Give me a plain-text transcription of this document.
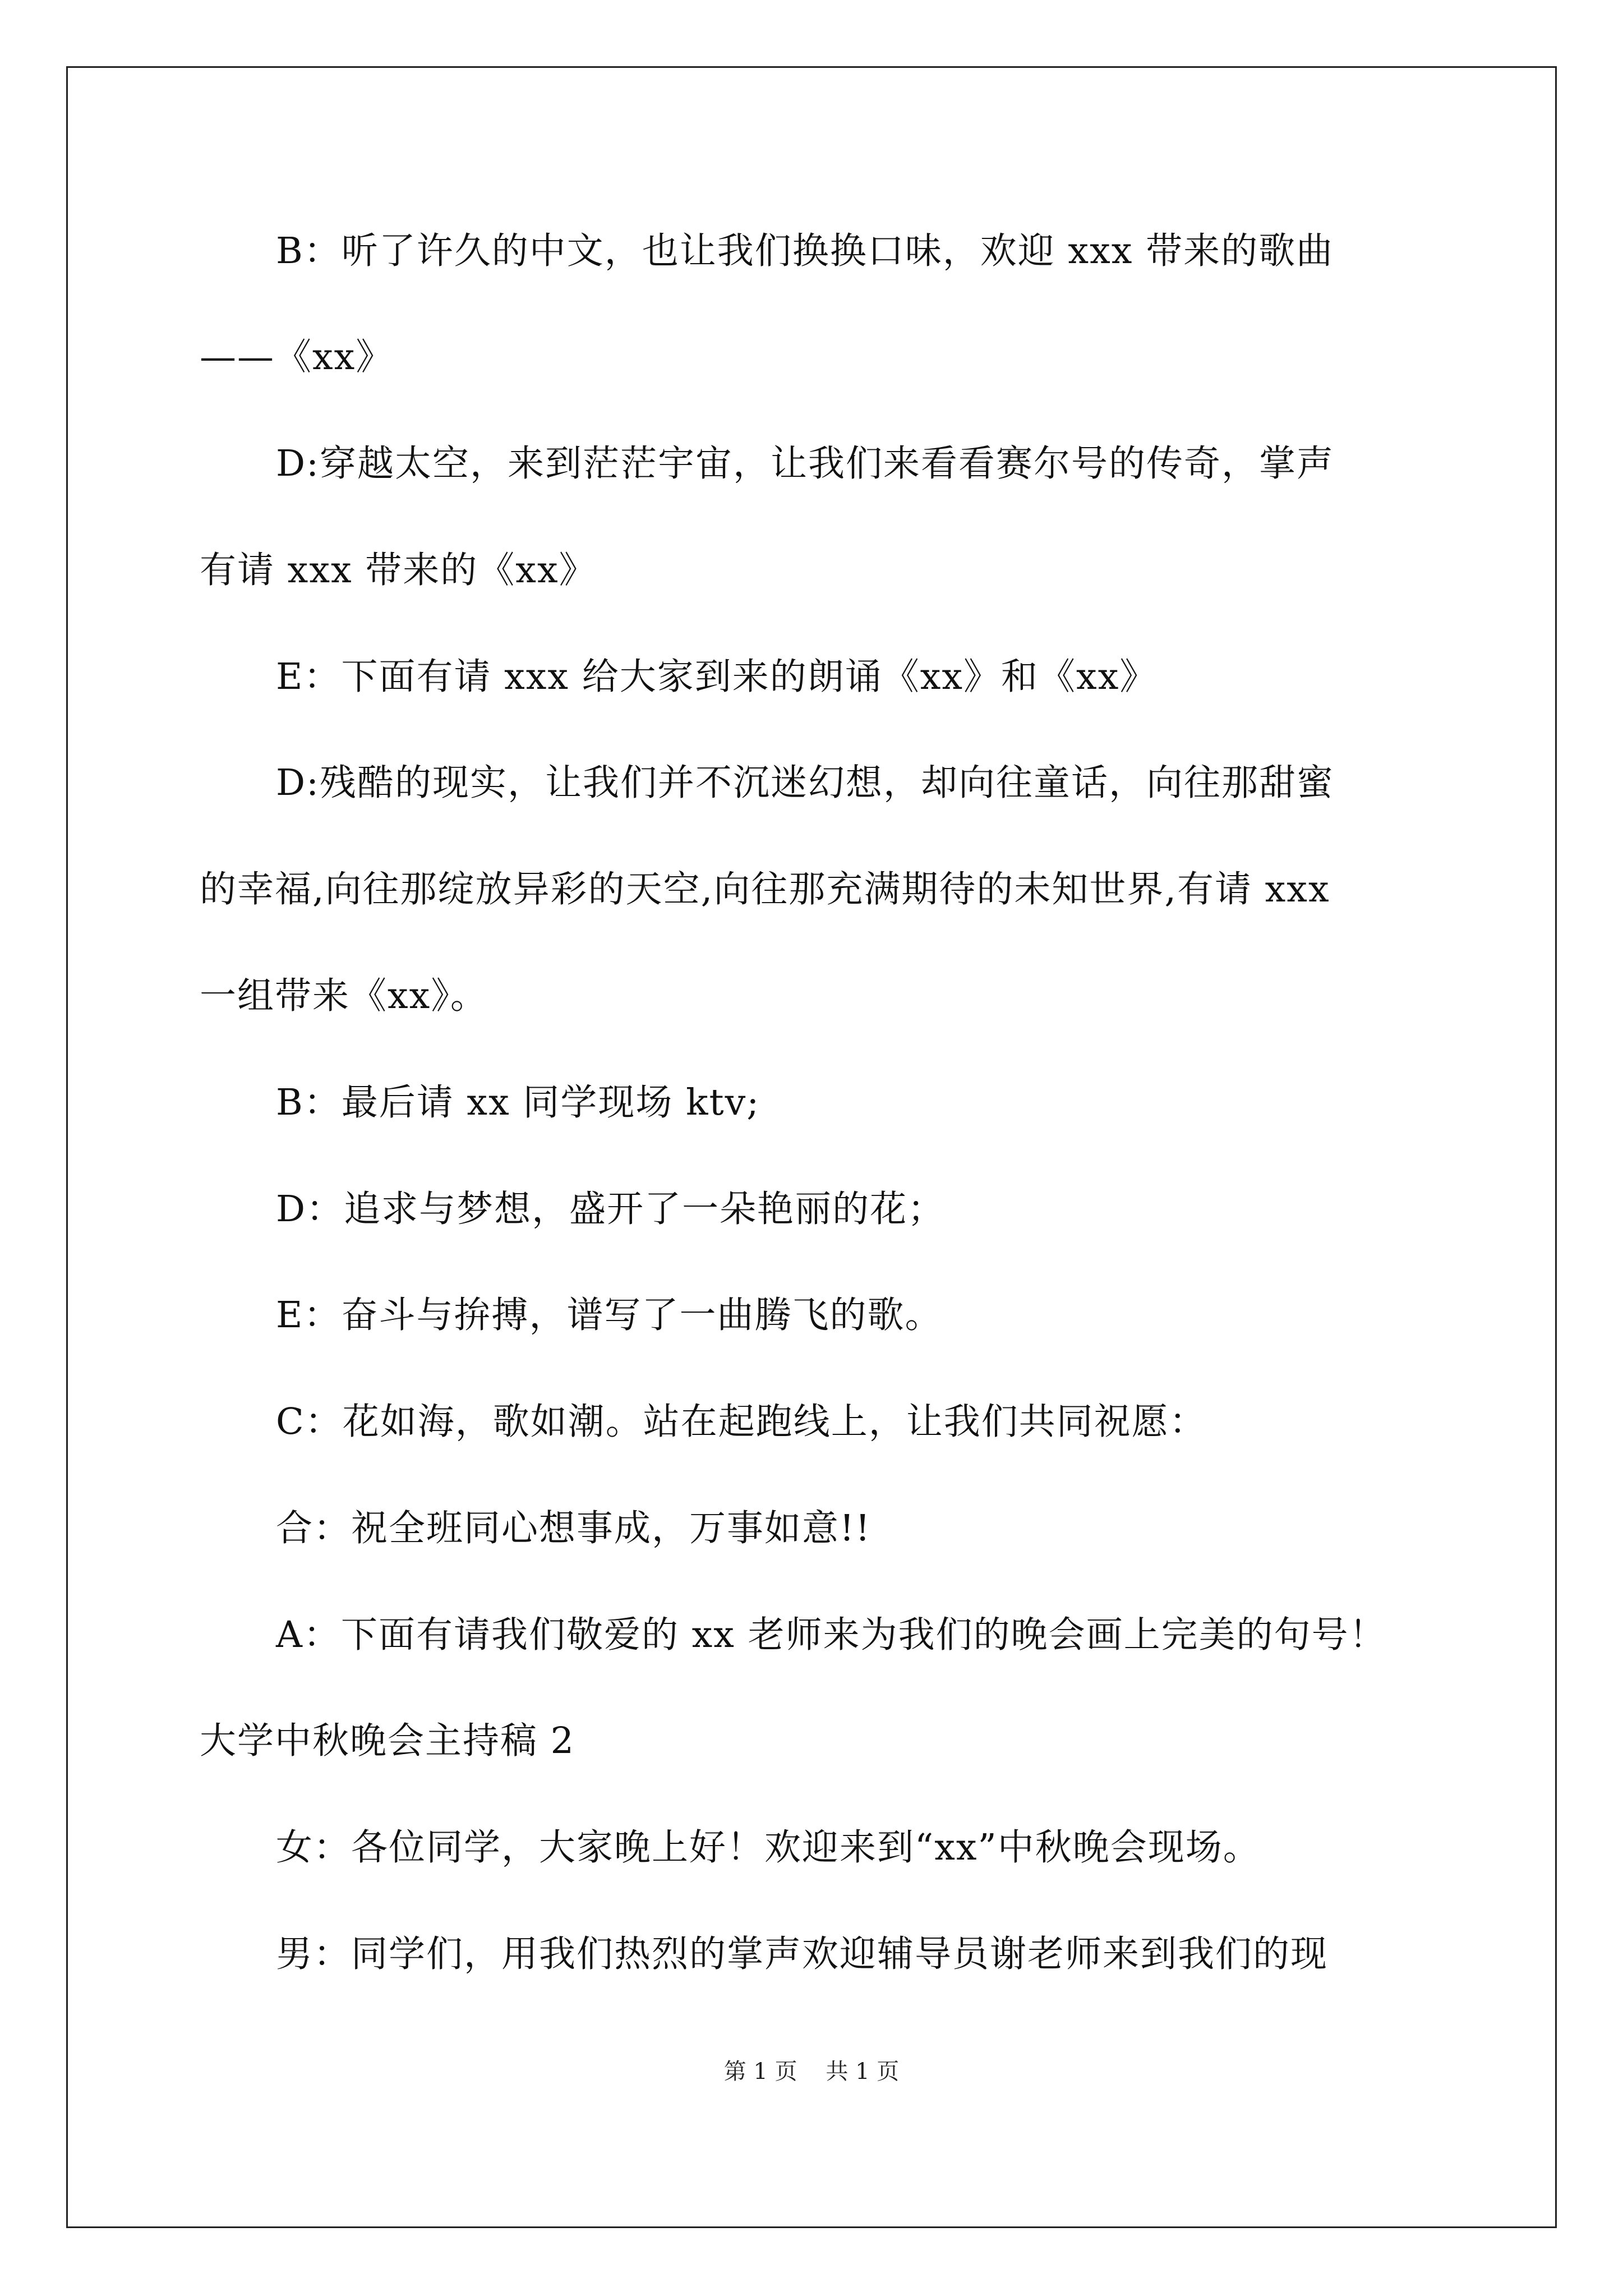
B：听了许久的中文，也让我们换换口味，欢迎 xxx 带来的歌曲
——《xx》
D:穿越太空，来到茫茫宇宙，让我们来看看赛尔号的传奇，掌声
有请 xxx 带来的《xx》
E：下面有请 xxx 给大家到来的朗诵《xx》和《xx》
D:残酷的现实，让我们并不沉迷幻想，却向往童话，向往那甜蜜
的幸福,向往那绽放异彩的天空,向往那充满期待的未知世界,有请 xxx
一组带来《xx》。
B：最后请 xx 同学现场 ktv;
D：追求与梦想，盛开了一朵艳丽的花；
E：奋斗与拚搏，谱写了一曲腾飞的歌。
C：花如海，歌如潮。站在起跑线上，让我们共同祝愿：
合：祝全班同心想事成，万事如意!!
A：下面有请我们敬爱的 xx 老师来为我们的晚会画上完美的句号！
大学中秋晚会主持稿 2
女：各位同学，大家晚上好！欢迎来到“xx”中秋晚会现场。
男：同学们，用我们热烈的掌声欢迎辅导员谢老师来到我们的现
第 1 页    共 1 页
